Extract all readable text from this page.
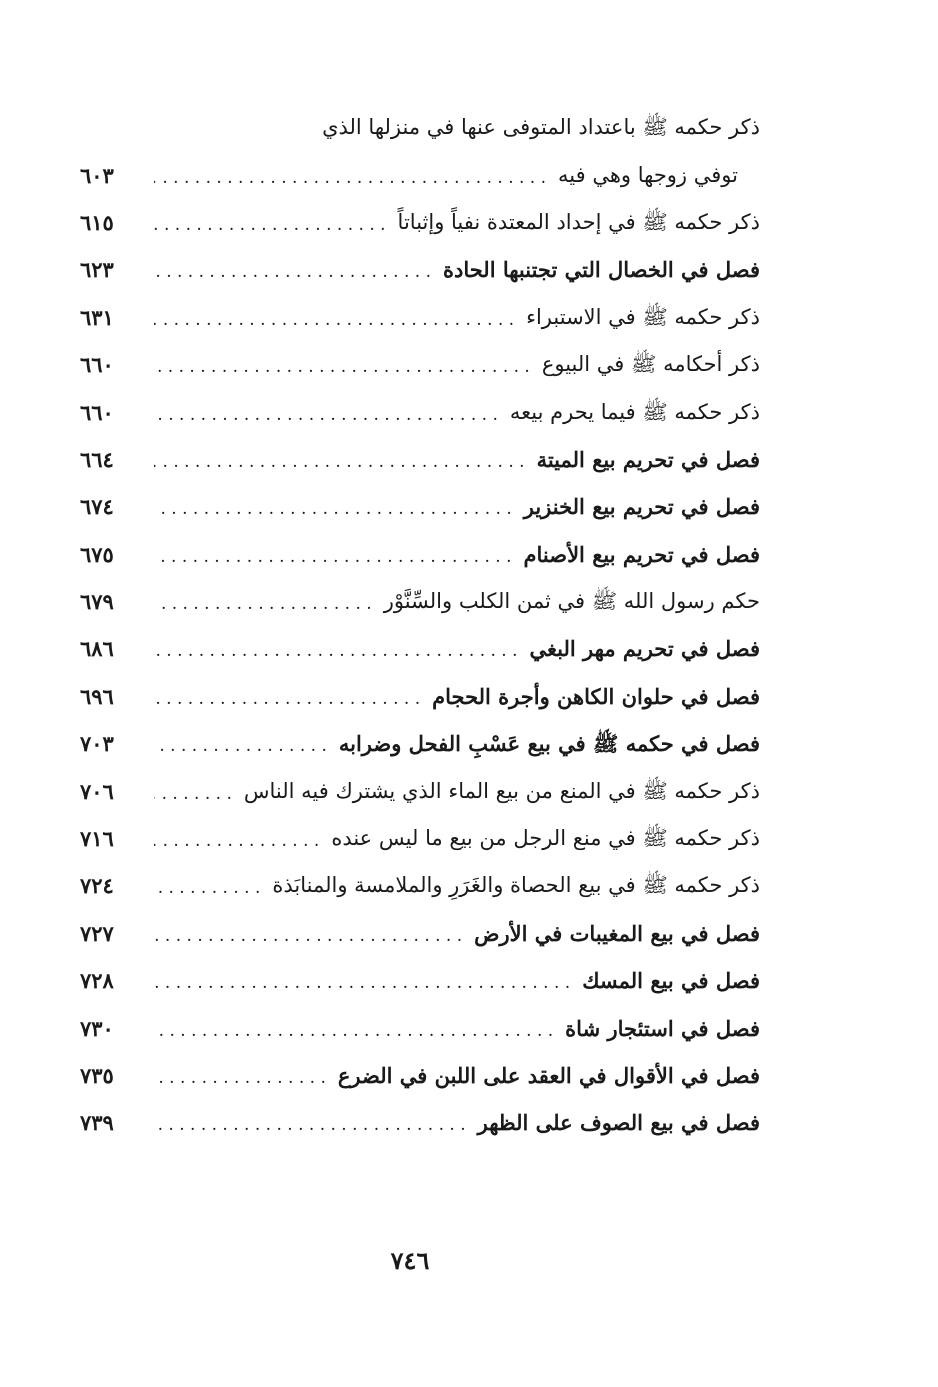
ذكر حكمه ﷺ باعتداد المتوفى عنها في منزلها الذي
توفي زوجها وهي فيه
. . .
٦٠٣
ذكر حكمه ﷺ في إحداد المعتدة نفياً وإثباتاً
. . .
٦١٥
فصل في الخصال التي تجتنبها الحادة
. . .
٦٢٣
ذكر حكمه ﷺ في الاستبراء
. . .
٦٣١
ذكر أحكامه ﷺ في البيوع
. . .
٦٦٠
ذكر حكمه ﷺ فيما يحرم بيعه
. . .
٦٦٠
فصل في تحريم بيع الميتة
. . .
٦٦٤
فصل في تحريم بيع الخنزير
. . .
٦٧٤
فصل في تحريم بيع الأصنام
. . .
٦٧٥
حكم رسول الله ﷺ في ثمن الكلب والسِّنَّوْر
. . .
٦٧٩
فصل في تحريم مهر البغي
. . .
٦٨٦
فصل في حلوان الكاهن وأجرة الحجام
. . .
٦٩٦
فصل في حكمه ﷺ في بيع عَسْبِ الفحل وضرابه
. . .
٧٠٣
ذكر حكمه ﷺ في المنع من بيع الماء الذي يشترك فيه الناس
. . .
٧٠٦
ذكر حكمه ﷺ في منع الرجل من بيع ما ليس عنده
. . .
٧١٦
ذكر حكمه ﷺ في بيع الحصاة والغَرَرِ والملامسة والمنابَذة
. . .
٧٢٤
فصل في بيع المغيبات في الأرض
. . .
٧٢٧
فصل في بيع المسك
. . .
٧٢٨
فصل في استئجار شاة
. . .
٧٣٠
فصل في الأقوال في العقد على اللبن في الضرع
. . .
٧٣٥
فصل في بيع الصوف على الظهر
. . .
٧٣٩
٧٤٦
